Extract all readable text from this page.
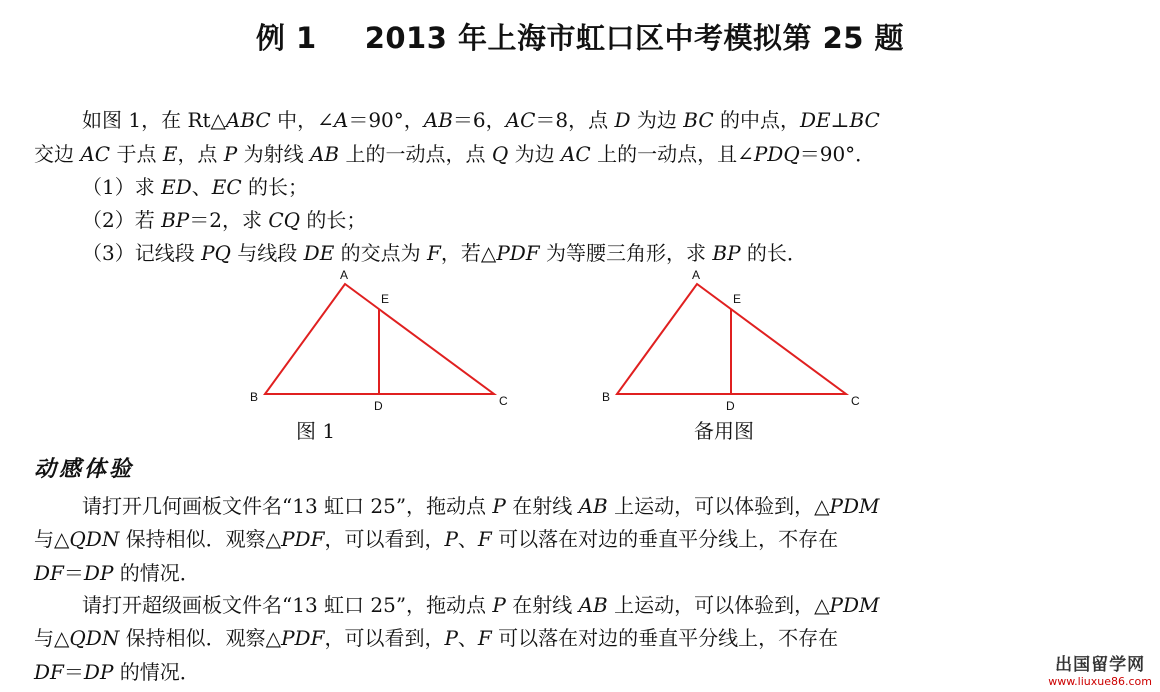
例 1 2013 年上海市虹口区中考模拟第 25 题
如图 1，在 Rt△ABC 中，∠A＝90°，AB＝6，AC＝8，点 D 为边 BC 的中点，DE⊥BC
交边 AC 于点 E，点 P 为射线 AB 上的一动点，点 Q 为边 AC 上的一动点，且∠PDQ＝90°．
（1）求 ED、EC 的长；
（2）若 BP＝2，求 CQ 的长；
（3）记线段 PQ 与线段 DE 的交点为 F，若△PDF 为等腰三角形，求 BP 的长．
A
B	C
D
E
图 1
A
B	C
D
E
备用图
动感体验
请打开几何画板文件名“13 虹口 25”，拖动点 P 在射线 AB 上运动，可以体验到，△PDM
与△QDN 保持相似．观察△PDF，可以看到，P、F 可以落在对边的垂直平分线上，不存在
DF＝DP 的情况．
请打开超级画板文件名“13 虹口 25”，拖动点 P 在射线 AB 上运动，可以体验到，△PDM
与△QDN 保持相似．观察△PDF，可以看到，P、F 可以落在对边的垂直平分线上，不存在
DF＝DP 的情况．	出国留学网
www.liuxue86.com
